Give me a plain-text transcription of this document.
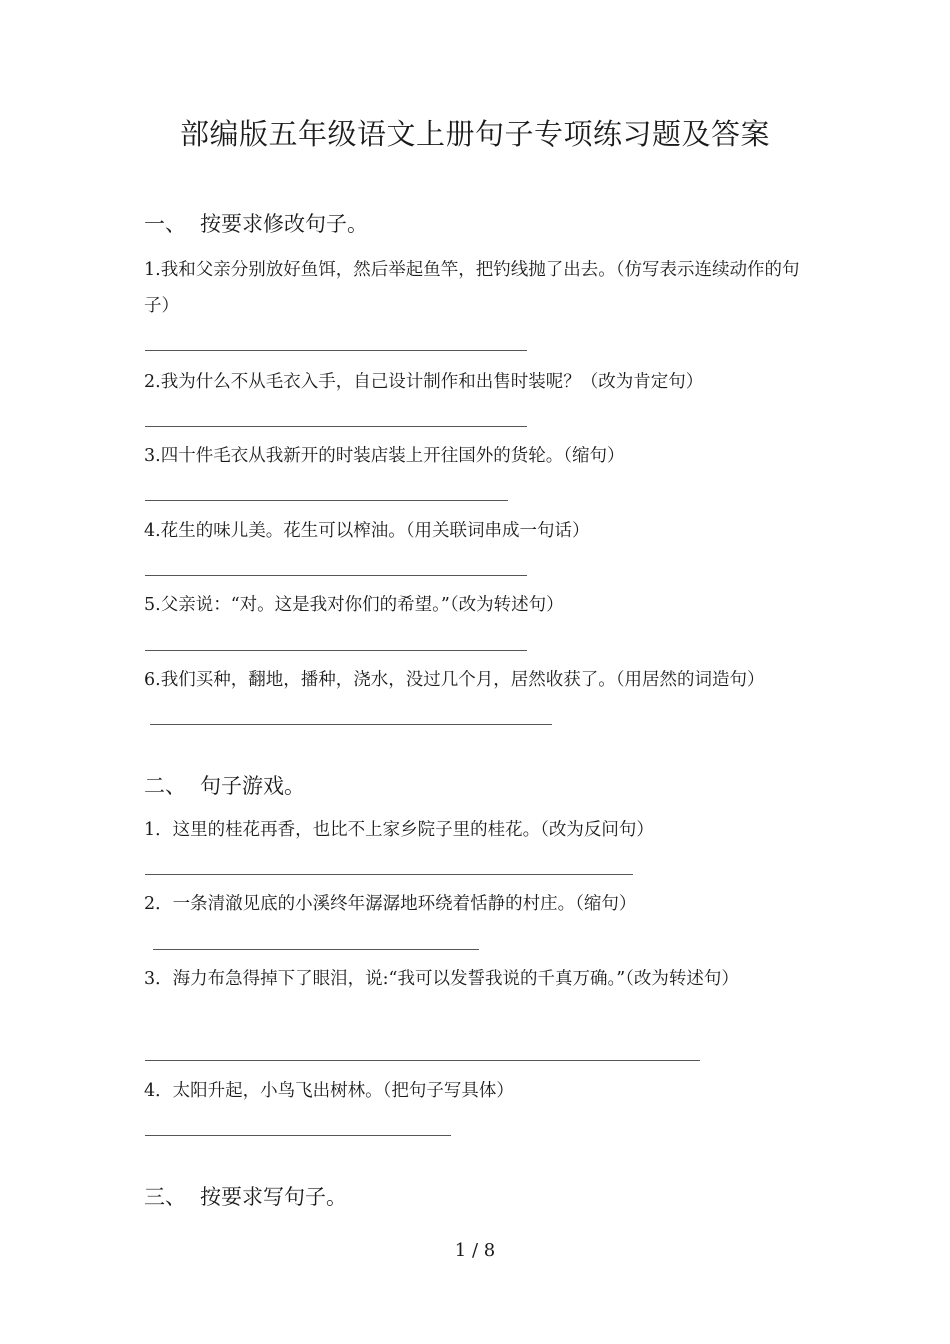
部编版五年级语文上册句子专项练习题及答案
一、 按要求修改句子。
1.我和父亲分别放好鱼饵，然后举起鱼竿，把钓线抛了出去。（仿写表示连续动作的句子）
2.我为什么不从毛衣入手，自己设计制作和出售时装呢？（改为肯定句）
3.四十件毛衣从我新开的时装店装上开往国外的货轮。（缩句）
4.花生的味儿美。花生可以榨油。（用关联词串成一句话）
5.父亲说：“对。这是我对你们的希望。”（改为转述句）
6.我们买种，翻地，播种，浇水，没过几个月，居然收获了。（用居然的词造句）
二、 句子游戏。
1．这里的桂花再香，也比不上家乡院子里的桂花。（改为反问句）
2．一条清澈见底的小溪终年潺潺地环绕着恬静的村庄。（缩句）
3．海力布急得掉下了眼泪，说:“我可以发誓我说的千真万确。”（改为转述句）
4．太阳升起，小鸟飞出树林。（把句子写具体）
三、 按要求写句子。
1 / 8
